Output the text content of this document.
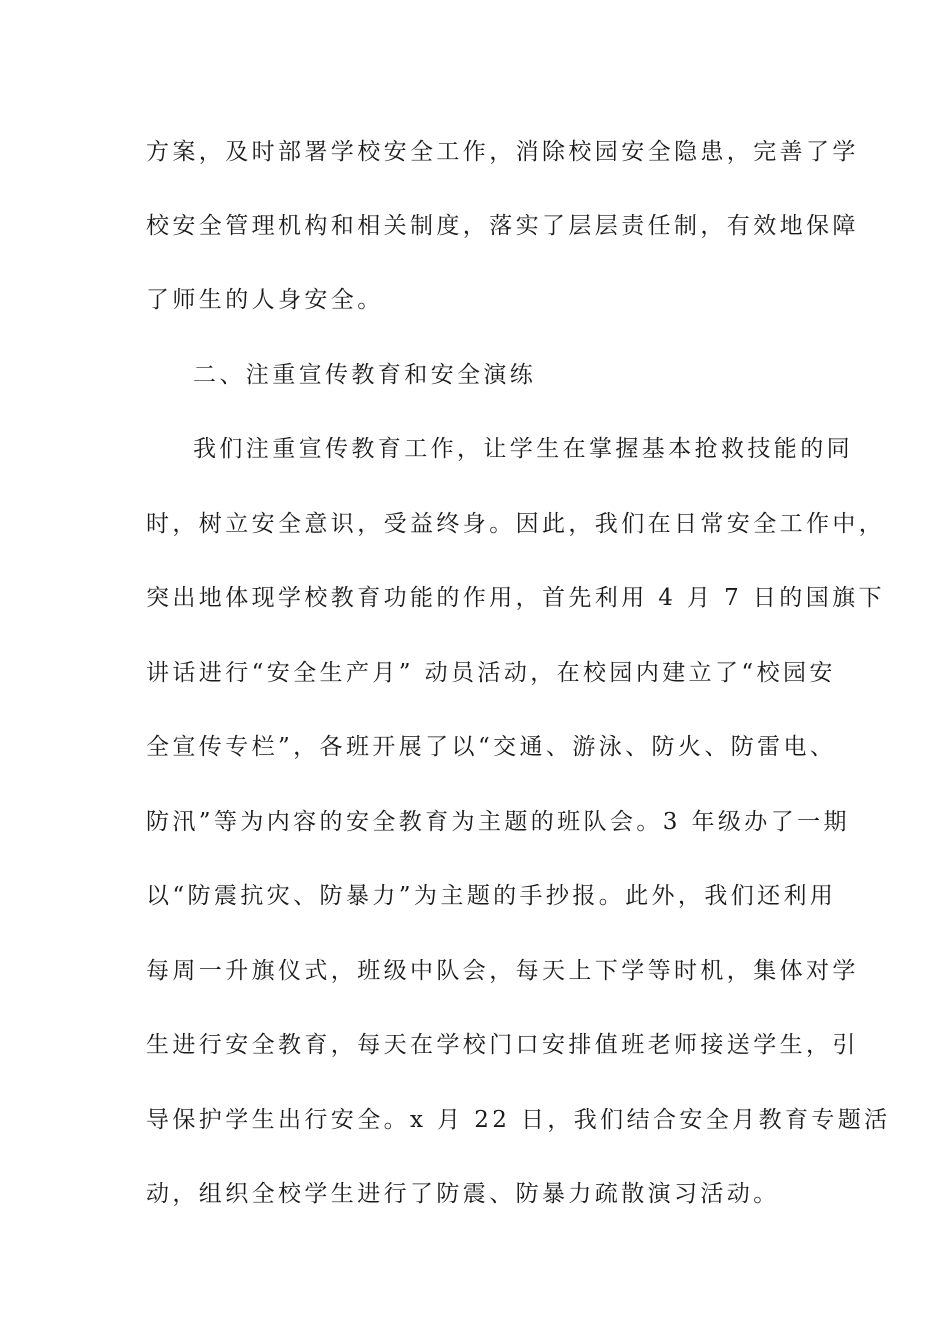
方案，及时部署学校安全工作，消除校园安全隐患，完善了学
校安全管理机构和相关制度，落实了层层责任制，有效地保障
了师生的人身安全。
二、注重宣传教育和安全演练
我们注重宣传教育工作，让学生在掌握基本抢救技能的同
时，树立安全意识，受益终身。因此，我们在日常安全工作中，
突出地体现学校教育功能的作用，首先利用 4 月 7 日的国旗下
讲话进行“安全生产月” 动员活动，在校园内建立了“校园安
全宣传专栏”，各班开展了以“交通、游泳、防火、防雷电、
防汛”等为内容的安全教育为主题的班队会。3 年级办了一期
以“防震抗灾、防暴力”为主题的手抄报。此外，我们还利用
每周一升旗仪式，班级中队会，每天上下学等时机，集体对学
生进行安全教育，每天在学校门口安排值班老师接送学生，引
导保护学生出行安全。x 月 22 日，我们结合安全月教育专题活
动，组织全校学生进行了防震、防暴力疏散演习活动。
